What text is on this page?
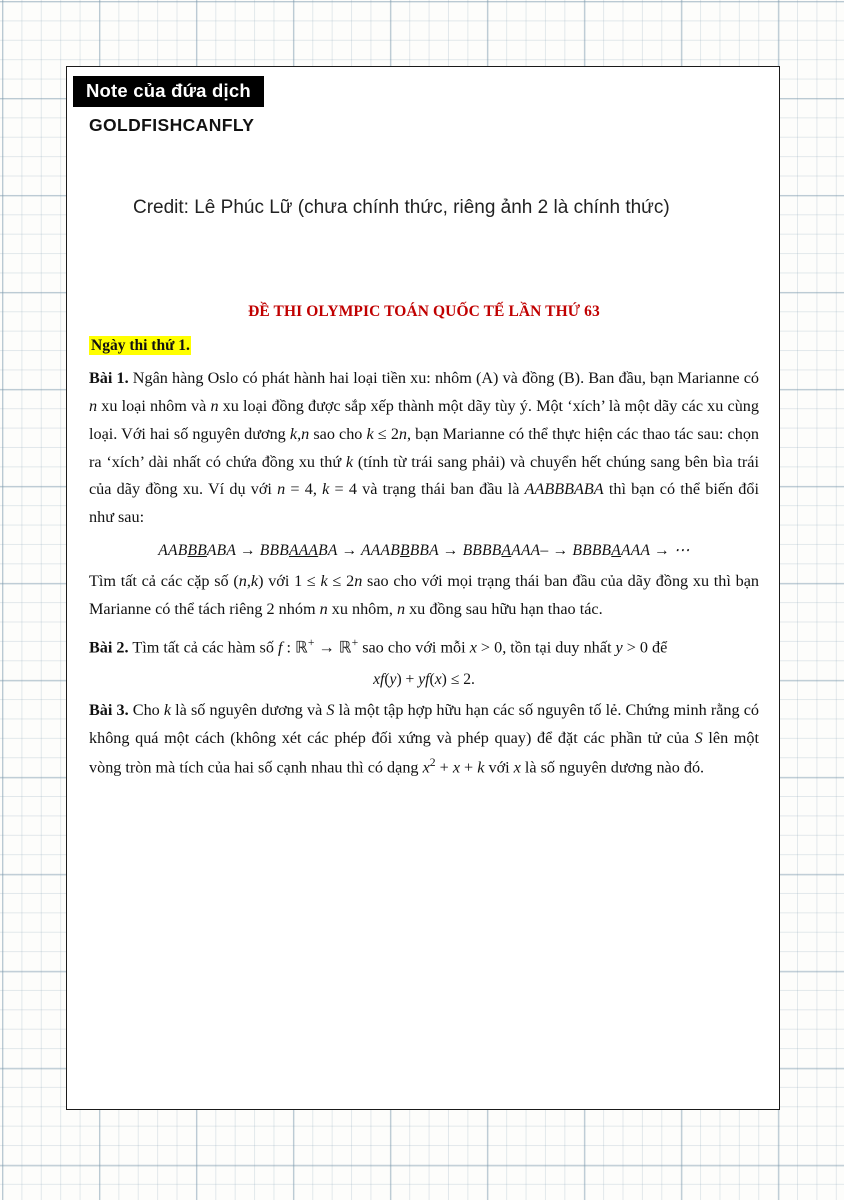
Note của đứa dịch
GOLDFISHCANFLY
Credit: Lê Phúc Lữ (chưa chính thức, riêng ảnh 2 là chính thức)
ĐỀ THI OLYMPIC TOÁN QUỐC TẾ LẦN THỨ 63
Ngày thi thứ 1.
Bài 1. Ngân hàng Oslo có phát hành hai loại tiền xu: nhôm (A) và đồng (B). Ban đầu, bạn Marianne có n xu loại nhôm và n xu loại đồng được sắp xếp thành một dãy tùy ý. Một ‘xích’ là một dãy các xu cùng loại. Với hai số nguyên dương k,n sao cho k ≤ 2n, bạn Marianne có thể thực hiện các thao tác sau: chọn ra ‘xích’ dài nhất có chứa đồng xu thứ k (tính từ trái sang phải) và chuyển hết chúng sang bên bìa trái của dãy đồng xu. Ví dụ với n = 4, k = 4 và trạng thái ban đầu là AABBBABA thì bạn có thể biến đổi như sau:
AABBBABA → BBBAAABA → AAABBBBA → BBBBAAAA– → BBBBAAAA → ⋯
Tìm tất cả các cặp số (n,k) với 1 ≤ k ≤ 2n sao cho với mọi trạng thái ban đầu của dãy đồng xu thì bạn Marianne có thể tách riêng 2 nhóm n xu nhôm, n xu đồng sau hữu hạn thao tác.
Bài 2. Tìm tất cả các hàm số f : ℝ+ → ℝ+ sao cho với mỗi x > 0, tồn tại duy nhất y > 0 để
xf(y) + yf(x) ≤ 2.
Bài 3. Cho k là số nguyên dương và S là một tập hợp hữu hạn các số nguyên tố lẻ. Chứng minh rằng có không quá một cách (không xét các phép đối xứng và phép quay) để đặt các phần tử của S lên một vòng tròn mà tích của hai số cạnh nhau thì có dạng $x^2 + x + k$ với x là số nguyên dương nào đó.
